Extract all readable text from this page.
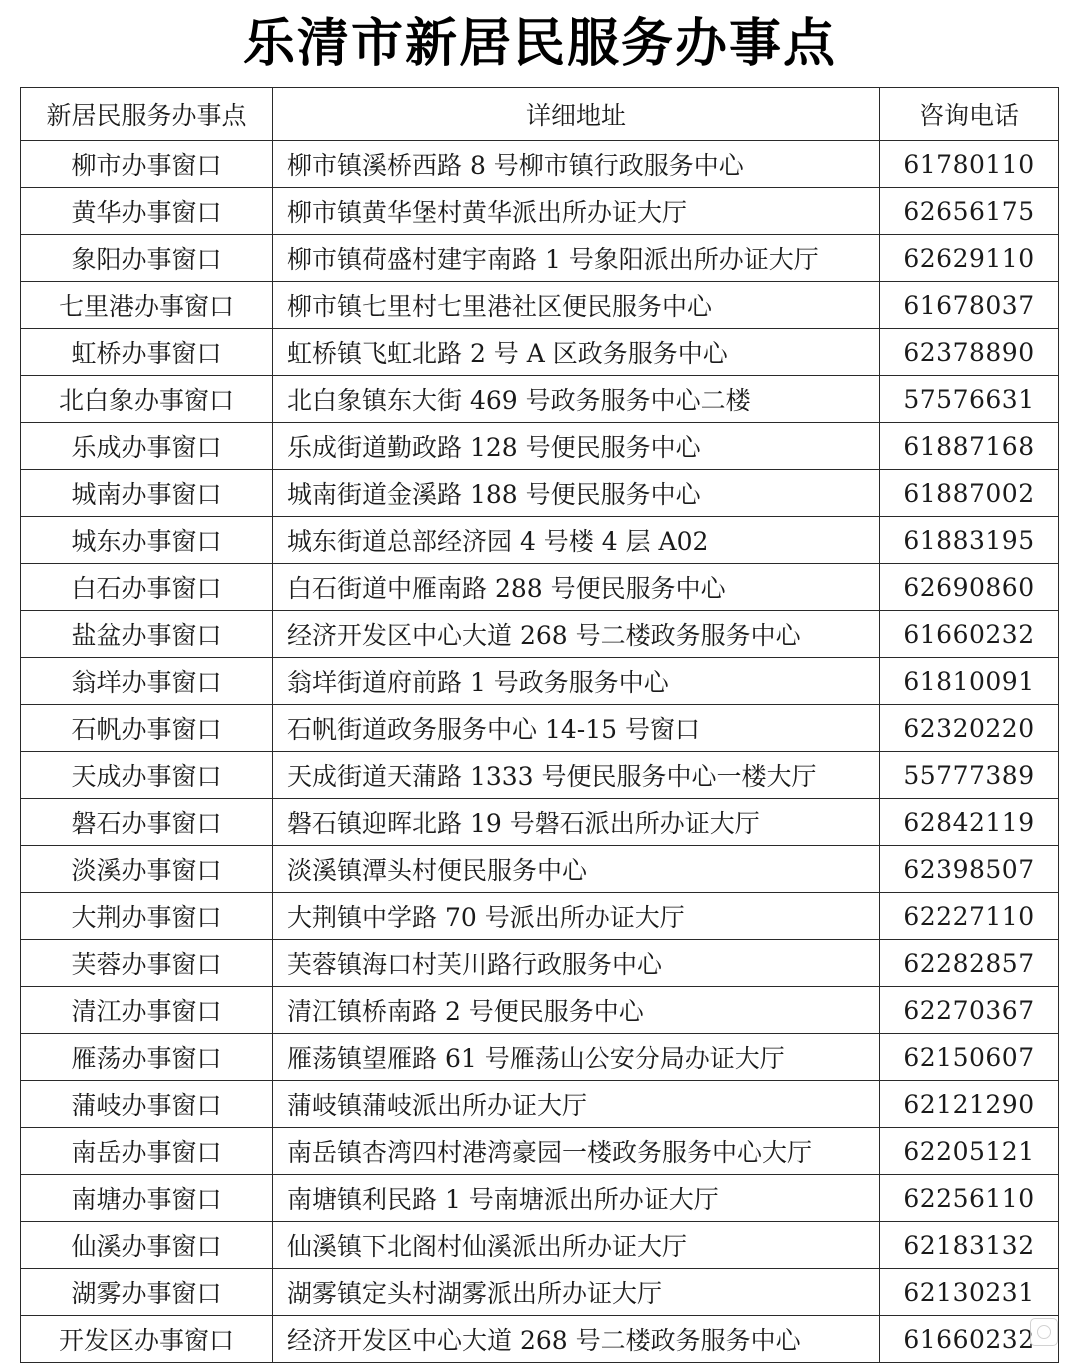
乐清市新居民服务办事点
新居民服务办事点	详细地址	咨询电话
柳市办事窗口	柳市镇溪桥西路 8 号柳市镇行政服务中心	61780110
黄华办事窗口	柳市镇黄华堡村黄华派出所办证大厅	62656175
象阳办事窗口	柳市镇荷盛村建宇南路 1 号象阳派出所办证大厅	62629110
七里港办事窗口	柳市镇七里村七里港社区便民服务中心	61678037
虹桥办事窗口	虹桥镇飞虹北路 2 号 A 区政务服务中心	62378890
北白象办事窗口	北白象镇东大街 469 号政务服务中心二楼	57576631
乐成办事窗口	乐成街道勤政路 128 号便民服务中心	61887168
城南办事窗口	城南街道金溪路 188 号便民服务中心	61887002
城东办事窗口	城东街道总部经济园 4 号楼 4 层 A02	61883195
白石办事窗口	白石街道中雁南路 288 号便民服务中心	62690860
盐盆办事窗口	经济开发区中心大道 268 号二楼政务服务中心	61660232
翁垟办事窗口	翁垟街道府前路 1 号政务服务中心	61810091
石帆办事窗口	石帆街道政务服务中心 14-15 号窗口	62320220
天成办事窗口	天成街道天蒲路 1333 号便民服务中心一楼大厅	55777389
磐石办事窗口	磐石镇迎晖北路 19 号磐石派出所办证大厅	62842119
淡溪办事窗口	淡溪镇潭头村便民服务中心	62398507
大荆办事窗口	大荆镇中学路 70 号派出所办证大厅	62227110
芙蓉办事窗口	芙蓉镇海口村芙川路行政服务中心	62282857
清江办事窗口	清江镇桥南路 2 号便民服务中心	62270367
雁荡办事窗口	雁荡镇望雁路 61 号雁荡山公安分局办证大厅	62150607
蒲岐办事窗口	蒲岐镇蒲岐派出所办证大厅	62121290
南岳办事窗口	南岳镇杏湾四村港湾豪园一楼政务服务中心大厅	62205121
南塘办事窗口	南塘镇利民路 1 号南塘派出所办证大厅	62256110
仙溪办事窗口	仙溪镇下北阁村仙溪派出所办证大厅	62183132
湖雾办事窗口	湖雾镇定头村湖雾派出所办证大厅	62130231
开发区办事窗口	经济开发区中心大道 268 号二楼政务服务中心	61660232
